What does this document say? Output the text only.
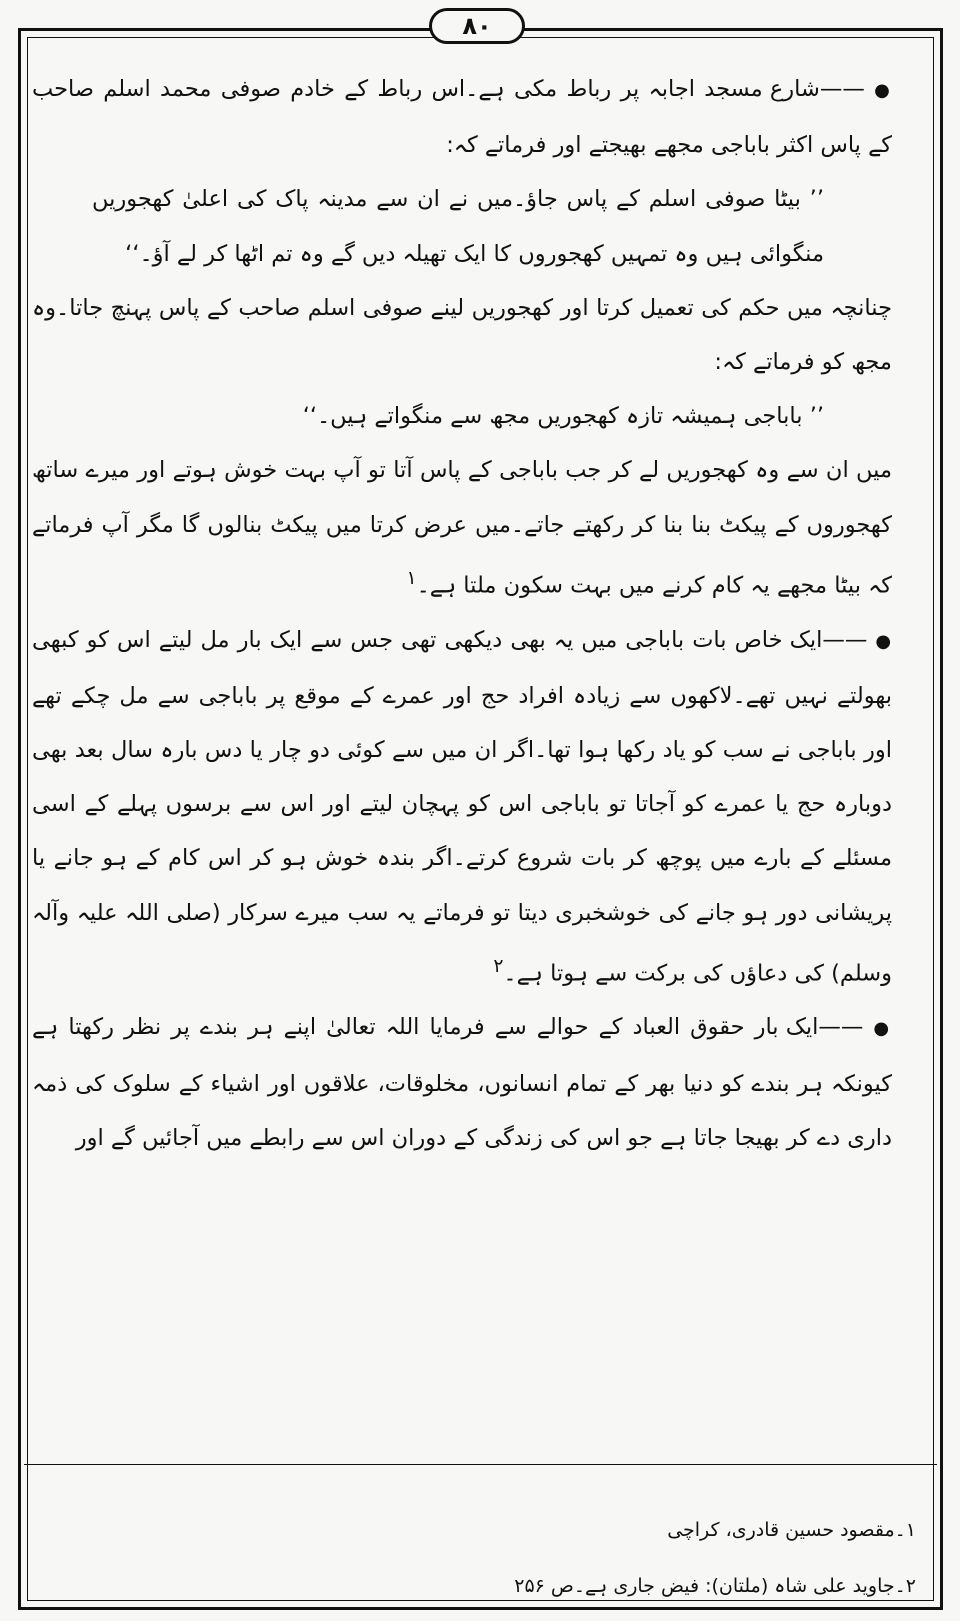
۸۰

● ——شارع مسجد اجابہ پر رباط مکی ہے۔اس رباط کے خادم صوفی محمد اسلم صاحب کے پاس اکثر باباجی مجھے بھیجتے اور فرماتے کہ:

’’ بیٹا صوفی اسلم کے پاس جاؤ۔میں نے ان سے مدینہ پاک کی اعلیٰ کھجوریں منگوائی ہیں وہ تمہیں کھجوروں کا ایک تھیلہ دیں گے وہ تم اٹھا کر لے آؤ۔‘‘

چنانچہ میں حکم کی تعمیل کرتا اور کھجوریں لینے صوفی اسلم صاحب کے پاس پہنچ جاتا۔وہ مجھ کو فرماتے کہ:

’’ باباجی ہمیشہ تازہ کھجوریں مجھ سے منگواتے ہیں۔‘‘

میں ان سے وہ کھجوریں لے کر جب باباجی کے پاس آتا تو آپ بہت خوش ہوتے اور میرے ساتھ کھجوروں کے پیکٹ بنا بنا کر رکھتے جاتے۔میں عرض کرتا میں پیکٹ بنالوں گا مگر آپ فرماتے کہ بیٹا مجھے یہ کام کرنے میں بہت سکون ملتا ہے۔$^۱$

● ——ایک خاص بات باباجی میں یہ بھی دیکھی تھی جس سے ایک بار مل لیتے اس کو کبھی بھولتے نہیں تھے۔لاکھوں سے زیادہ افراد حج اور عمرے کے موقع پر باباجی سے مل چکے تھے اور باباجی نے سب کو یاد رکھا ہوا تھا۔اگر ان میں سے کوئی دو چار یا دس بارہ سال بعد بھی دوبارہ حج یا عمرے کو آجاتا تو باباجی اس کو پہچان لیتے اور اس سے برسوں پہلے کے اسی مسئلے کے بارے میں پوچھ کر بات شروع کرتے۔اگر بندہ خوش ہو کر اس کام کے ہو جانے یا پریشانی دور ہو جانے کی خوشخبری دیتا تو فرماتے یہ سب میرے سرکار (صلی اللہ علیہ وآلہ وسلم) کی دعاؤں کی برکت سے ہوتا ہے۔$^۲$

● ——ایک بار حقوق العباد کے حوالے سے فرمایا اللہ تعالیٰ اپنے ہر بندے پر نظر رکھتا ہے کیونکہ ہر بندے کو دنیا بھر کے تمام انسانوں، مخلوقات، علاقوں اور اشیاء کے سلوک کی ذمہ داری دے کر بھیجا جاتا ہے جو اس کی زندگی کے دوران اس سے رابطے میں آجائیں گے اور

۱۔مقصود حسین قادری، کراچی

۲۔جاوید علی شاہ (ملتان): فیض جاری ہے۔ص ۲۵۶
